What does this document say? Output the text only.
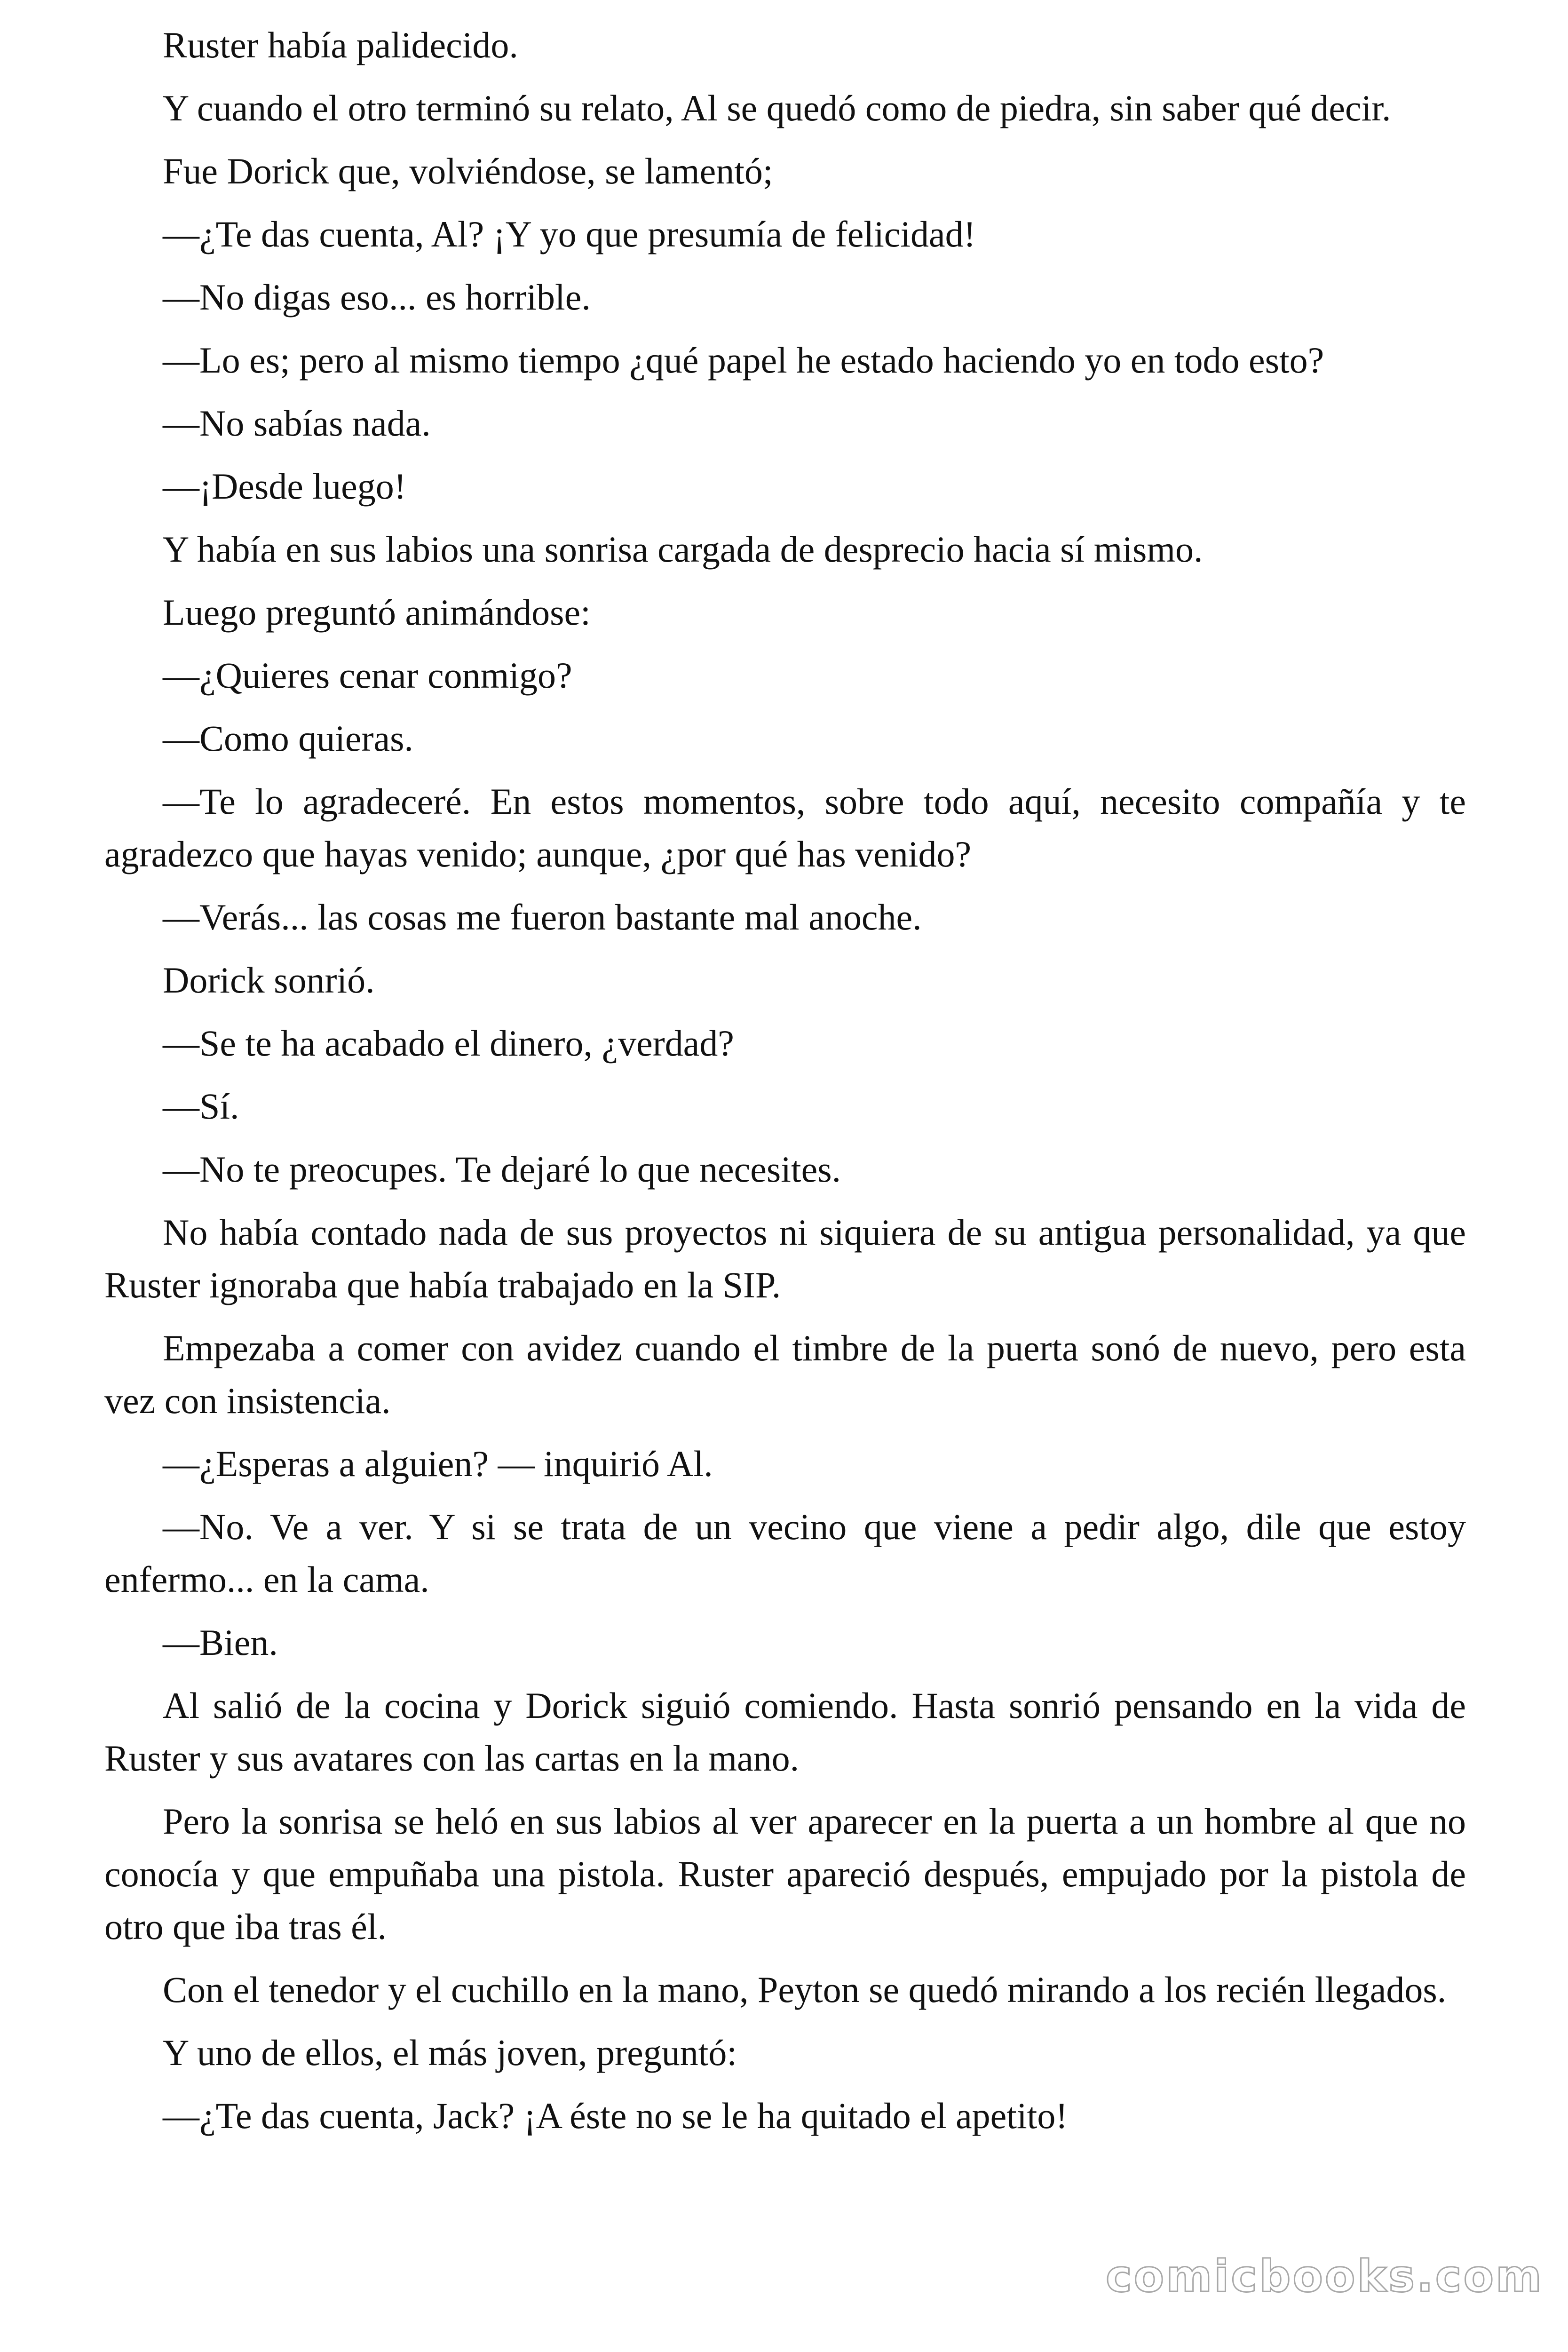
Ruster había palidecido.

Y cuando el otro terminó su relato, Al se quedó como de piedra, sin saber qué decir.

Fue Dorick que, volviéndose, se lamentó;

—¿Te das cuenta, Al? ¡Y yo que presumía de felicidad!

—No digas eso... es horrible.

—Lo es; pero al mismo tiempo ¿qué papel he estado haciendo yo en todo esto?

—No sabías nada.

—¡Desde luego!

Y había en sus labios una sonrisa cargada de desprecio hacia sí mismo.

Luego preguntó animándose:

—¿Quieres cenar conmigo?

—Como quieras.

—Te lo agradeceré. En estos momentos, sobre todo aquí, necesito compañía y te agradezco que hayas venido; aunque, ¿por qué has venido?

—Verás... las cosas me fueron bastante mal anoche.

Dorick sonrió.

—Se te ha acabado el dinero, ¿verdad?

—Sí.

—No te preocupes. Te dejaré lo que necesites.

No había contado nada de sus proyectos ni siquiera de su antigua personalidad, ya que Ruster ignoraba que había trabajado en la SIP.

Empezaba a comer con avidez cuando el timbre de la puerta sonó de nuevo, pero esta vez con insistencia.

—¿Esperas a alguien? — inquirió Al.

—No. Ve a ver. Y si se trata de un vecino que viene a pedir algo, dile que estoy enfermo... en la cama.

—Bien.

Al salió de la cocina y Dorick siguió comiendo. Hasta sonrió pensando en la vida de Ruster y sus avatares con las cartas en la mano.

Pero la sonrisa se heló en sus labios al ver aparecer en la puerta a un hombre al que no conocía y que empuñaba una pistola. Ruster apareció después, empujado por la pistola de otro que iba tras él.

Con el tenedor y el cuchillo en la mano, Peyton se quedó mirando a los recién llegados.

Y uno de ellos, el más joven, preguntó:

—¿Te das cuenta, Jack? ¡A éste no se le ha quitado el apetito!

comicbooks.com
